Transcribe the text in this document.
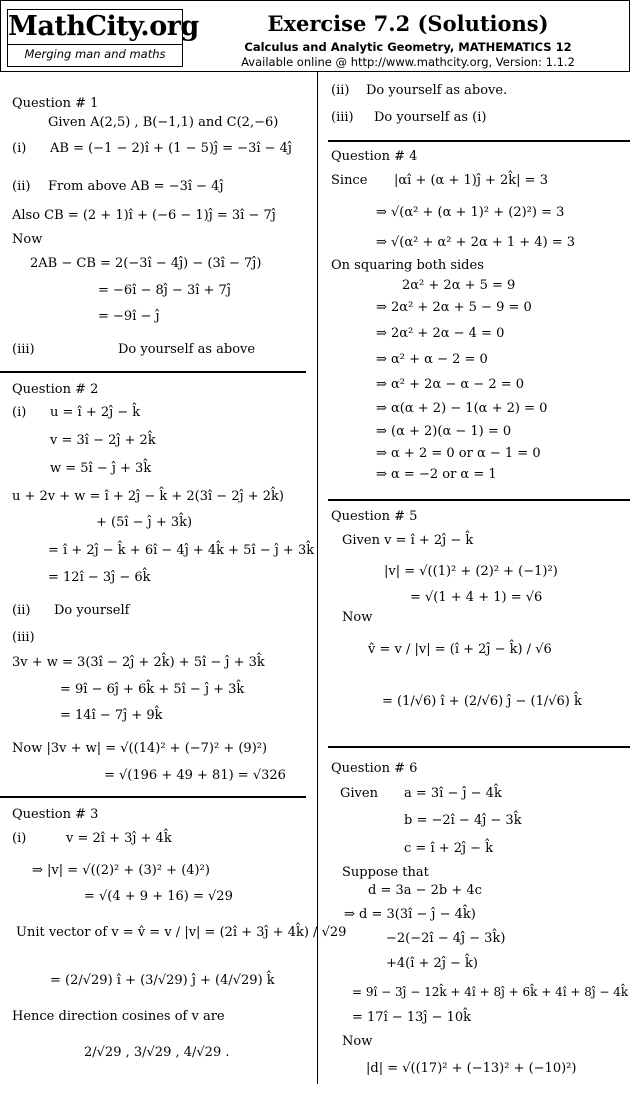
MathCity.org
Merging man and maths
Exercise 7.2 (Solutions)
Calculus and Analytic Geometry, MATHEMATICS 12
Available online @ http://www.mathcity.org, Version: 1.1.2
Question # 1
Given A(2,5) , B(−1,1) and C(2,−6)
(i) AB = (−1 − 2)î + (1 − 5)ĵ = −3î − 4ĵ
(ii) From above AB = −3î − 4ĵ
Also CB = (2 + 1)î + (−6 − 1)ĵ = 3î − 7ĵ
Now
2AB − CB = 2(−3î − 4ĵ) − (3î − 7ĵ)
= −6î − 8ĵ − 3î + 7ĵ
= −9î − ĵ
(iii)	Do yourself as above
Question # 2
(i) u = î + 2ĵ − k̂
v = 3î − 2ĵ + 2k̂
w = 5î − ĵ + 3k̂
u + 2v + w = î + 2ĵ − k̂ + 2(3î − 2ĵ + 2k̂)
+ (5î − ĵ + 3k̂)
= î + 2ĵ − k̂ + 6î − 4ĵ + 4k̂ + 5î − ĵ + 3k̂
= 12î − 3ĵ − 6k̂
(ii) Do yourself
(iii)
3v + w = 3(3î − 2ĵ + 2k̂) + 5î − ĵ + 3k̂
= 9î − 6ĵ + 6k̂ + 5î − ĵ + 3k̂
= 14î − 7ĵ + 9k̂
Now |3v + w| = √((14)² + (−7)² + (9)²)
= √(196 + 49 + 81) = √326
Question # 3
(i)	v = 2î + 3ĵ + 4k̂
⇒ |v| = √((2)² + (3)² + (4)²)
= √(4 + 9 + 16) = √29
Unit vector of v = v̂ = v / |v| = (2î + 3ĵ + 4k̂) / √29
= (2/√29) î + (3/√29) ĵ + (4/√29) k̂
Hence direction cosines of v are
2/√29 , 3/√29 , 4/√29 .
(ii) Do yourself as above.
(iii) Do yourself as (i)
Question # 4
Since |αî + (α + 1)ĵ + 2k̂| = 3
⇒ √(α² + (α + 1)² + (2)²) = 3
⇒ √(α² + α² + 2α + 1 + 4) = 3
On squaring both sides
2α² + 2α + 5 = 9
⇒ 2α² + 2α + 5 − 9 = 0
⇒ 2α² + 2α − 4 = 0
⇒ α² + α − 2 = 0
⇒ α² + 2α − α − 2 = 0
⇒ α(α + 2) − 1(α + 2) = 0
⇒ (α + 2)(α − 1) = 0
⇒ α + 2 = 0 or α − 1 = 0
⇒ α = −2 or α = 1
Question # 5
Given v = î + 2ĵ − k̂
|v| = √((1)² + (2)² + (−1)²)
= √(1 + 4 + 1) = √6
Now
v̂ = v / |v| = (î + 2ĵ − k̂) / √6
= (1/√6) î + (2/√6) ĵ − (1/√6) k̂
Question # 6
Given a = 3î − ĵ − 4k̂
b = −2î − 4ĵ − 3k̂
c = î + 2ĵ − k̂
Suppose that
d = 3a − 2b + 4c
⇒ d = 3(3î − ĵ − 4k̂)
−2(−2î − 4ĵ − 3k̂)
+4(î + 2ĵ − k̂)
= 9î − 3ĵ − 12k̂ + 4î + 8ĵ + 6k̂ + 4î + 8ĵ − 4k̂
= 17î − 13ĵ − 10k̂
Now
|d| = √((17)² + (−13)² + (−10)²)
